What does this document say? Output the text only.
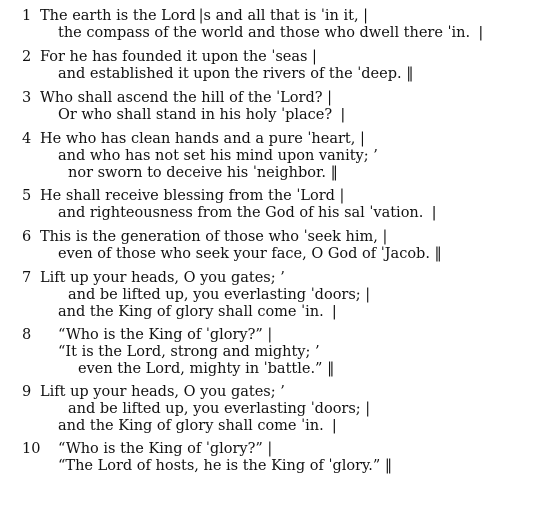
1 The earth is the Lord |s and all that is ˈin it, |
the compass of the world and those who dwell there ˈin. ❘
2 For he has founded it upon the ˈseas |
and established it upon the rivers of the ˈdeep. ‖
3 Who shall ascend the hill of the ˈLord? |
Or who shall stand in his holy ˈplace? ❘
4 He who has clean hands and a pure ˈheart, |
and who has not set his mind upon vanity; ’
nor sworn to deceive his ˈneighbor. ‖
5 He shall receive blessing from the ˈLord |
and righteousness from the God of his sal ˈvation. ❘
6 This is the generation of those who ˈseek him, |
even of those who seek your face, O God of ˈJacob. ‖
7 Lift up your heads, O you gates; ’
and be lifted up, you everlasting ˈdoors; |
and the King of glory shall come ˈin. ❘
8 “Who is the King of ˈglory?” |
“It is the Lord, strong and mighty; ’
even the Lord, mighty in ˈbattle.” ‖
9 Lift up your heads, O you gates; ’
and be lifted up, you everlasting ˈdoors; |
and the King of glory shall come ˈin. ❘
10 “Who is the King of ˈglory?” |
“The Lord of hosts, he is the King of ˈglory.” ‖
